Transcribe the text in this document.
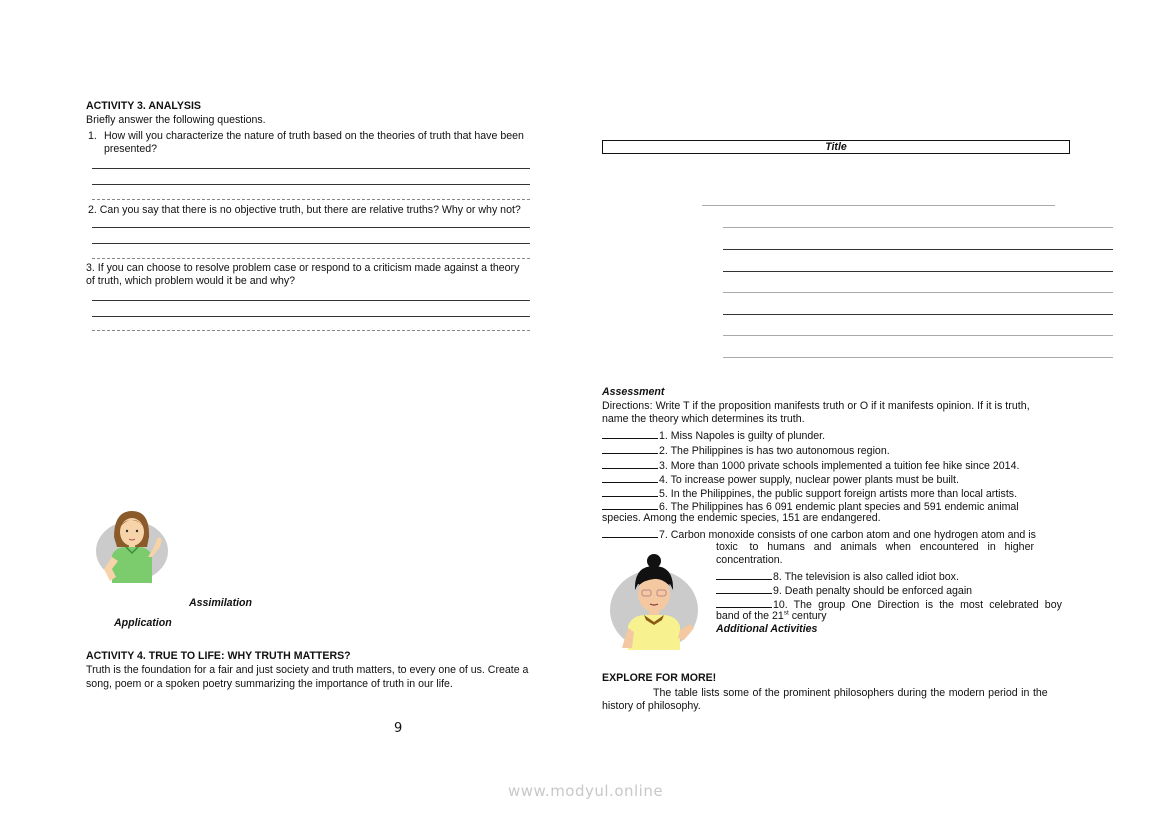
ACTIVITY 3. ANALYSIS
Briefly answer the following questions.
1. How will you characterize the nature of truth based on the theories of truth that have been
presented?
2. Can you say that there is no objective truth, but there are relative truths? Why or why not?
3. If you can choose to resolve problem case or respond to a criticism made against a theory
of truth, which problem would it be and why?
Assimilation
Application
ACTIVITY 4. TRUE TO LIFE: WHY TRUTH MATTERS?
Truth is the foundation for a fair and just society and truth matters, to every one of us. Create a
song, poem or a spoken poetry summarizing the importance of truth in our life.
9
Title
Assessment
Directions: Write T if the proposition manifests truth or O if it manifests opinion. If it is truth,
name the theory which determines its truth.
1. Miss Napoles is guilty of plunder.
2. The Philippines is has two autonomous region.
3. More than 1000 private schools implemented a tuition fee hike since 2014.
4. To increase power supply, nuclear power plants must be built.
5. In the Philippines, the public support foreign artists more than local artists.
6. The Philippines has 6 091 endemic plant species and 591 endemic animal
species. Among the endemic species, 151 are endangered.
7. Carbon monoxide consists of one carbon atom and one hydrogen atom and is
toxic    to   humans   and   animals   when   encountered   in   higher
concentration.
8. The television is also called idiot box.
9. Death penalty should be enforced again
10. The group One Direction is the most celebrated boy
band of the 21st century
Additional Activities
EXPLORE FOR MORE!
The table lists some of the prominent philosophers during the modern period in the
history of philosophy.
www.modyul.online
